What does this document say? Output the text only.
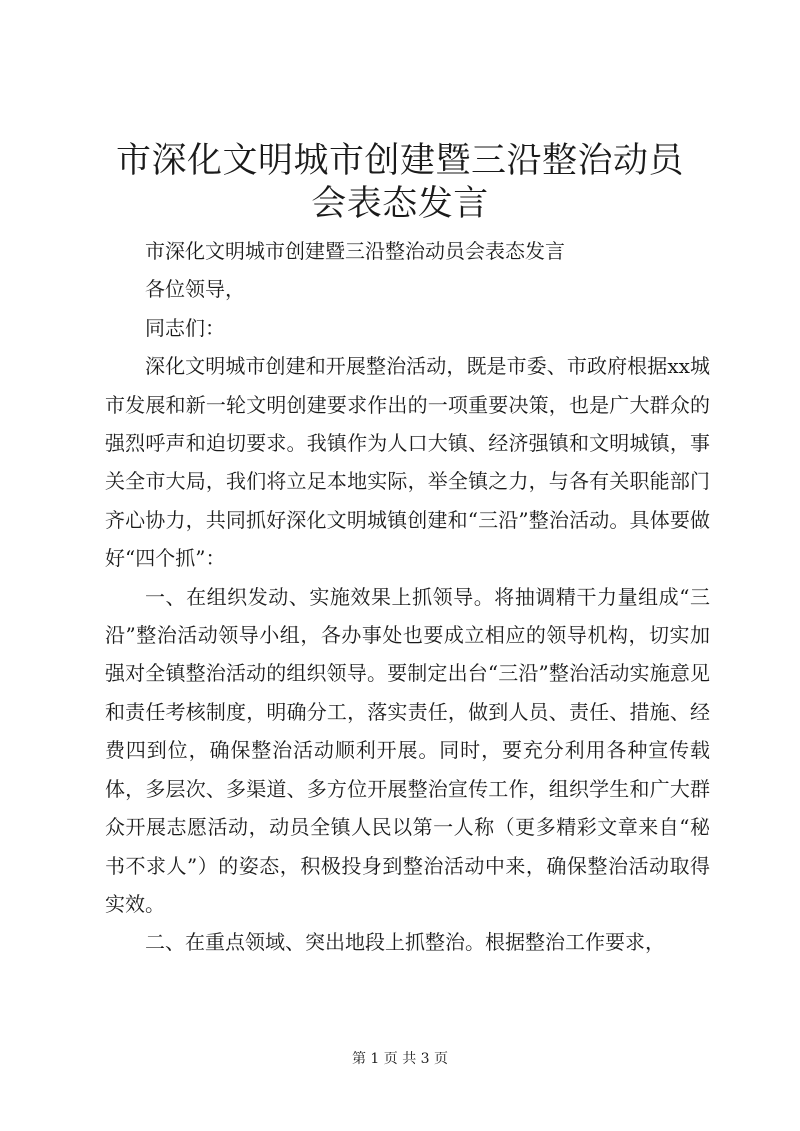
市深化文明城市创建暨三沿整治动员会表态发言

市深化文明城市创建暨三沿整治动员会表态发言

各位领导，

同志们：

深化文明城市创建和开展整治活动，既是市委、市政府根据xx城市发展和新一轮文明创建要求作出的一项重要决策，也是广大群众的强烈呼声和迫切要求。我镇作为人口大镇、经济强镇和文明城镇，事关全市大局，我们将立足本地实际，举全镇之力，与各有关职能部门齐心协力，共同抓好深化文明城镇创建和“三沿”整治活动。具体要做好“四个抓”：

一、在组织发动、实施效果上抓领导。将抽调精干力量组成“三沿”整治活动领导小组，各办事处也要成立相应的领导机构，切实加强对全镇整治活动的组织领导。要制定出台“三沿”整治活动实施意见和责任考核制度，明确分工，落实责任，做到人员、责任、措施、经费四到位，确保整治活动顺利开展。同时，要充分利用各种宣传载体，多层次、多渠道、多方位开展整治宣传工作，组织学生和广大群众开展志愿活动，动员全镇人民以第一人称（更多精彩文章来自“秘书不求人”）的姿态，积极投身到整治活动中来，确保整治活动取得实效。

二、在重点领域、突出地段上抓整治。根据整治工作要求，

第 1 页 共 3 页
